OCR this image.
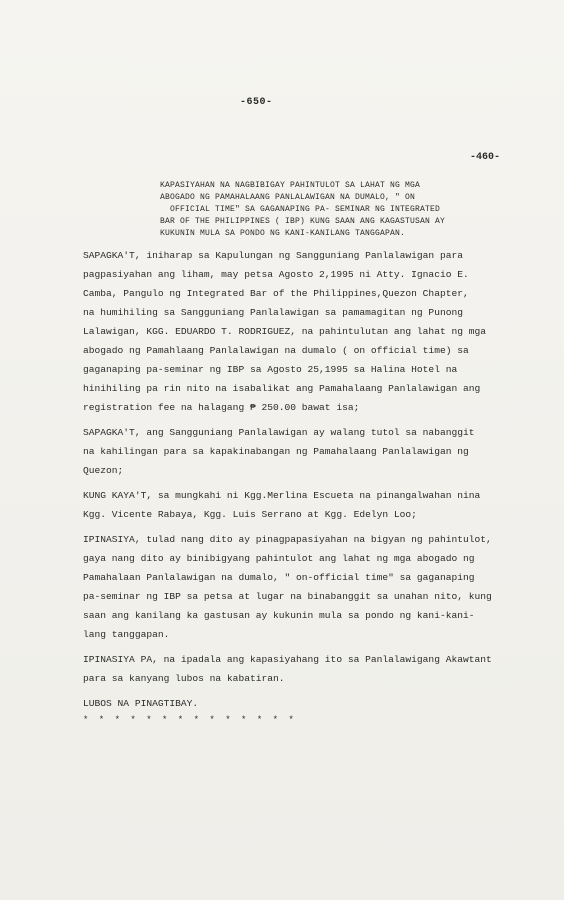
-650-
-460-
KAPASIYAHAN NA NAGBIBIGAY PAHINTULOT SA LAHAT NG MGA
ABOGADO NG PAMAHALAANG PANLALAWIGAN NA DUMALO, " ON
OFFICIAL TIME" SA GAGANAPING PA- SEMINAR NG INTEGRATED
BAR OF THE PHILIPPINES ( IBP) KUNG SAAN ANG KAGASTUSAN AY
KUKUNIN MULA SA PONDO NG KANI-KANILANG TANGGAPAN.
SAPAGKA'T, iniharap sa Kapulungan ng Sangguniang Panlalawigan para
pagpasiyahan ang liham, may petsa Agosto 2,1995 ni Atty. Ignacio E.
Camba, Pangulo ng Integrated Bar of the Philippines,Quezon Chapter,
na humihiling sa Sangguniang Panlalawigan sa pamamagitan ng Punong
Lalawigan, KGG. EDUARDO T. RODRIGUEZ, na pahintulutan ang lahat ng mga
abogado ng Pamahlaang Panlalawigan na dumalo ( on official time) sa
gaganaping pa-seminar ng IBP sa Agosto 25,1995 sa Halina Hotel na
hinihiling pa rin nito na isabalikat ang Pamahalaang Panlalawigan ang
registration fee na halagang ₱ 250.00 bawat isa;
SAPAGKA'T, ang Sangguniang Panlalawigan ay walang tutol sa nabanggit
na kahilingan para sa kapakinabangan ng Pamahalaang Panlalawigan ng
Quezon;
KUNG KAYA'T, sa mungkahi ni Kgg.Merlina Escueta na pinangalwahan nina
Kgg. Vicente Rabaya, Kgg. Luis Serrano at Kgg. Edelyn Loo;
IPINASIYA, tulad nang dito ay pinagpapasiyahan na bigyan ng pahintulot,
gaya nang dito ay binibigyang pahintulot ang lahat ng mga abogado ng
Pamahalaan Panlalawigan na dumalo, " on-official time" sa gaganaping
pa-seminar ng IBP sa petsa at lugar na binabanggit sa unahan nito, kung
saan ang kanilang ka gastusan ay kukunin mula sa pondo ng kani-kani-
lang tanggapan.
IPINASIYA PA, na ipadala ang kapasiyahang ito sa Panlalawigang Akawtant
para sa kanyang lubos na kabatiran.
LUBOS NA PINAGTIBAY.
* * * * * * * * * * * * * *
